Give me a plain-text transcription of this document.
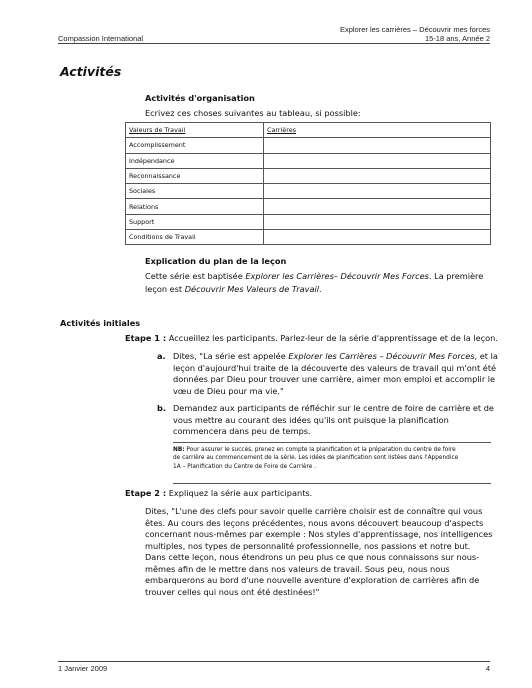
Compassion International
Explorer les carrières – Découvrir mes forces
15-18 ans, Année 2
Activités
Activités d'organisation
Ecrivez ces choses suivantes au tableau, si possible:
Valeurs de Travail	Carrières
Accomplissement	
Indépendance	
Reconnaissance	
Sociales	
Relations	
Support	
Conditions de Travail	
Explication du plan de la leçon
Cette série est baptisée Explorer les Carrières– Découvrir Mes Forces. La première
leçon est Découvrir Mes Valeurs de Travail.
Activités initiales
Etape 1 : Accueillez les participants. Parlez-leur de la série d'apprentissage et de la leçon.
a. Dites, "La série est appelée Explorer les Carrières – Découvrir Mes Forces, et la
leçon d'aujourd'hui traite de la découverte des valeurs de travail qui m'ont été
données par Dieu pour trouver une carrière, aimer mon emploi et accomplir le
vœu de Dieu pour ma vie."
b. Demandez aux participants de réfléchir sur le centre de foire de carrière et de
vous mettre au courant des idées qu'ils ont puisque la planification
commencera dans peu de temps.
NB: Pour assurer le succès, prenez en compte la planification et la préparation du centre de foire
de carrière au commencement de la série. Les idées de planification sont listées dans l'Appendice
1A – Planification du Centre de Foire de Carrière .
Etape 2 : Expliquez la série aux participants.
Dites, "L'une des clefs pour savoir quelle carrière choisir est de connaître qui vous
êtes. Au cours des leçons précédentes, nous avons découvert beaucoup d'aspects
concernant nous-mêmes par exemple : Nos styles d'apprentissage, nos intelligences
multiples, nos types de personnalité professionnelle, nos passions et notre but.
Dans cette leçon, nous étendrons un peu plus ce que nous connaissons sur nous-
mêmes afin de le mettre dans nos valeurs de travail. Sous peu, nous nous
embarquerons au bord d'une nouvelle aventure d'exploration de carrières afin de
trouver celles qui nous ont été destinées!"
1 Janvier 2009	4
